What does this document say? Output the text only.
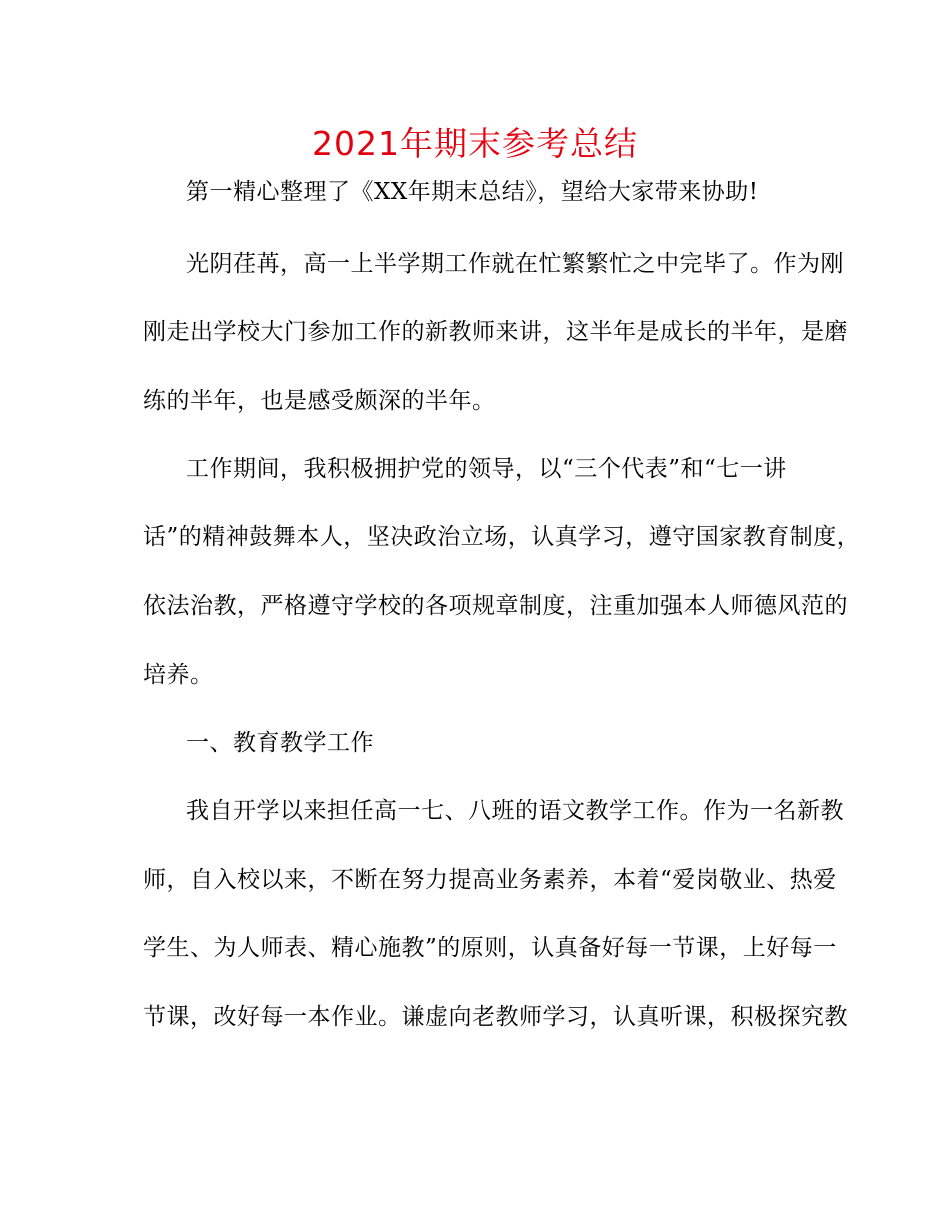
2021年期末参考总结
第一精心整理了《XX年期末总结》，望给大家带来协助!
光阴荏苒，高一上半学期工作就在忙繁繁忙之中完毕了。作为刚
刚走出学校大门参加工作的新教师来讲，这半年是成长的半年，是磨
练的半年，也是感受颇深的半年。
工作期间，我积极拥护党的领导，以“三个代表”和“七一讲
话”的精神鼓舞本人，坚决政治立场，认真学习，遵守国家教育制度，
依法治教，严格遵守学校的各项规章制度，注重加强本人师德风范的
培养。
一、教育教学工作
我自开学以来担任高一七、八班的语文教学工作。作为一名新教
师，自入校以来，不断在努力提高业务素养，本着“爱岗敬业、热爱
学生、为人师表、精心施教”的原则，认真备好每一节课，上好每一
节课，改好每一本作业。谦虚向老教师学习，认真听课，积极探究教
